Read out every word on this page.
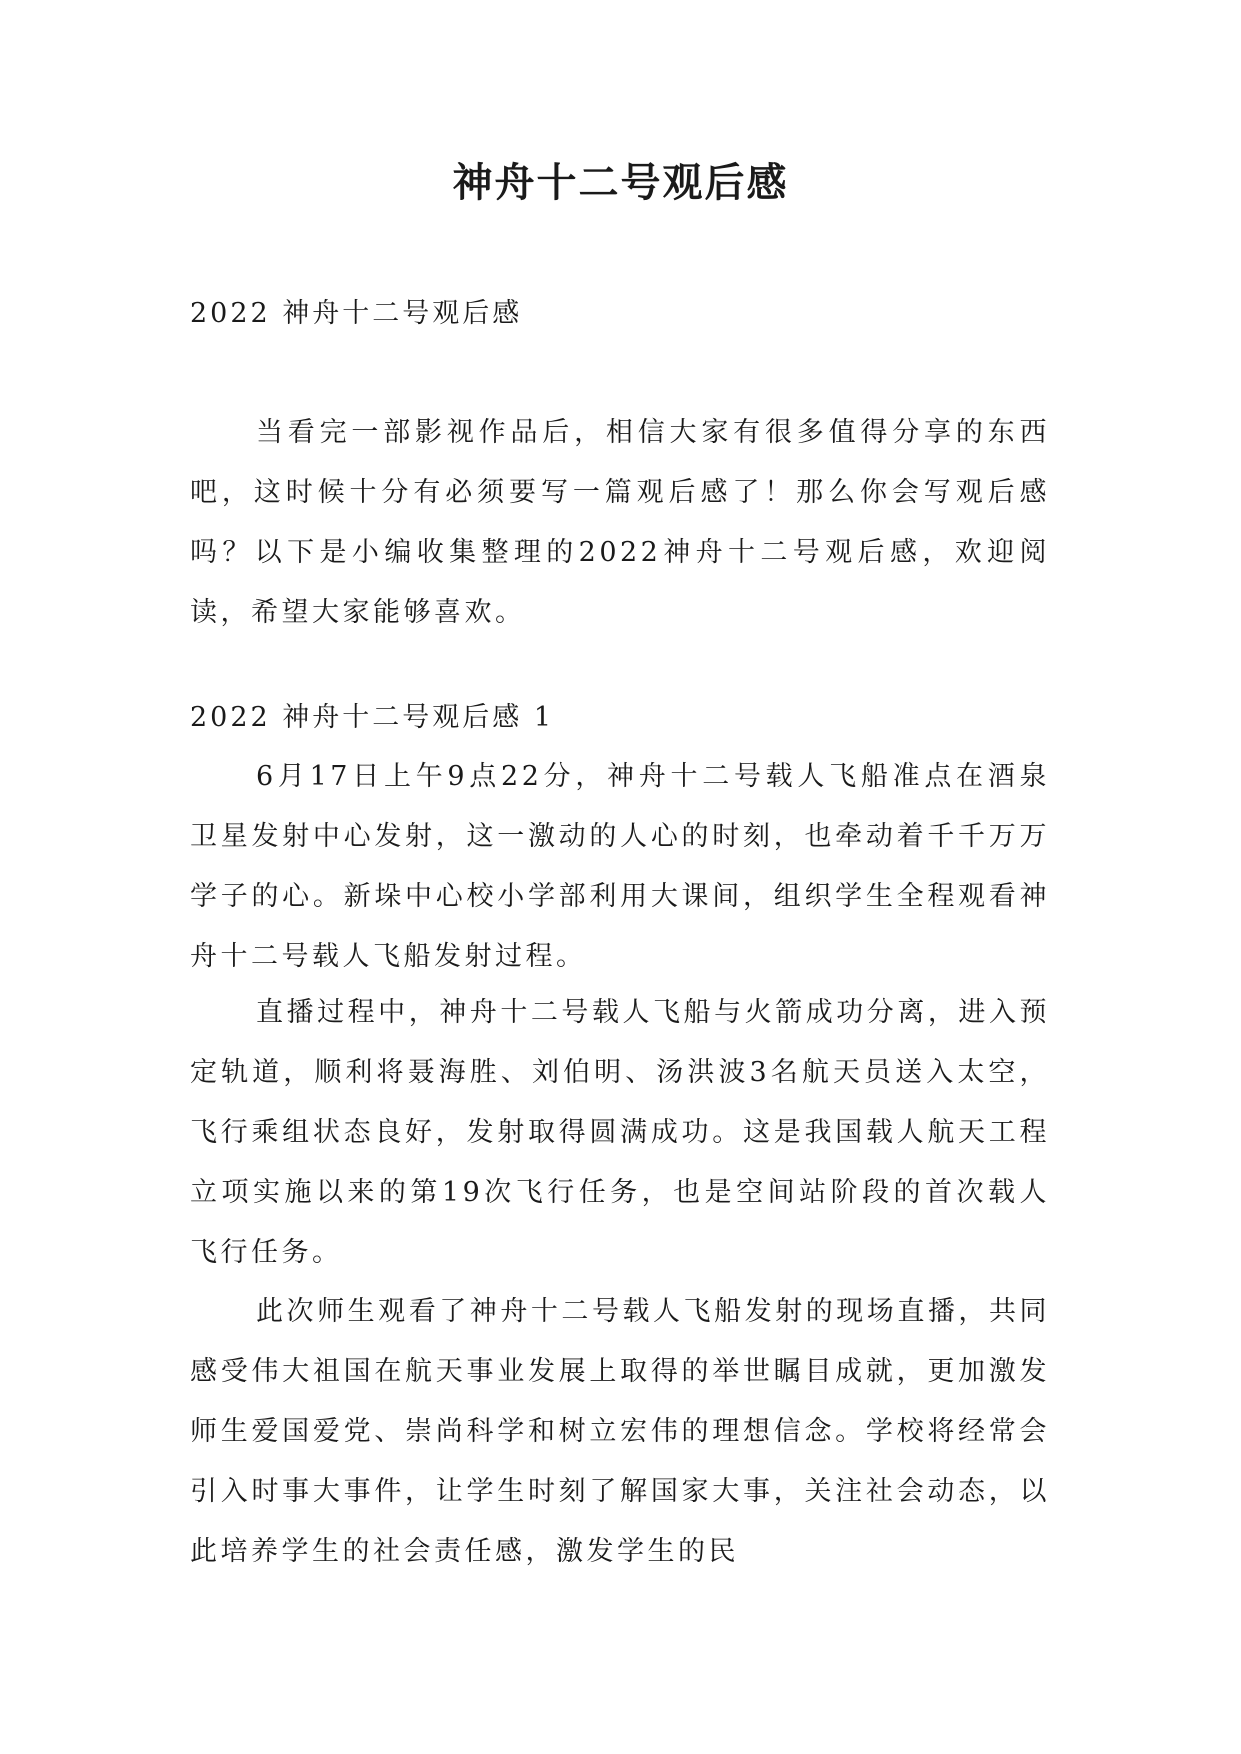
神舟十二号观后感
2022 神舟十二号观后感

当看完一部影视作品后，相信大家有很多值得分享的东西吧，这时候十分有必须要写一篇观后感了！那么你会写观后感吗？以下是小编收集整理的2022神舟十二号观后感，欢迎阅读，希望大家能够喜欢。

2022 神舟十二号观后感 1

6月17日上午9点22分，神舟十二号载人飞船准点在酒泉卫星发射中心发射，这一激动的人心的时刻，也牵动着千千万万学子的心。新垛中心校小学部利用大课间，组织学生全程观看神舟十二号载人飞船发射过程。

直播过程中，神舟十二号载人飞船与火箭成功分离，进入预定轨道，顺利将聂海胜、刘伯明、汤洪波3名航天员送入太空，飞行乘组状态良好，发射取得圆满成功。这是我国载人航天工程立项实施以来的第19次飞行任务，也是空间站阶段的首次载人飞行任务。

此次师生观看了神舟十二号载人飞船发射的现场直播，共同感受伟大祖国在航天事业发展上取得的举世瞩目成就，更加激发师生爱国爱党、崇尚科学和树立宏伟的理想信念。学校将经常会引入时事大事件，让学生时刻了解国家大事，关注社会动态，以此培养学生的社会责任感，激发学生的民
